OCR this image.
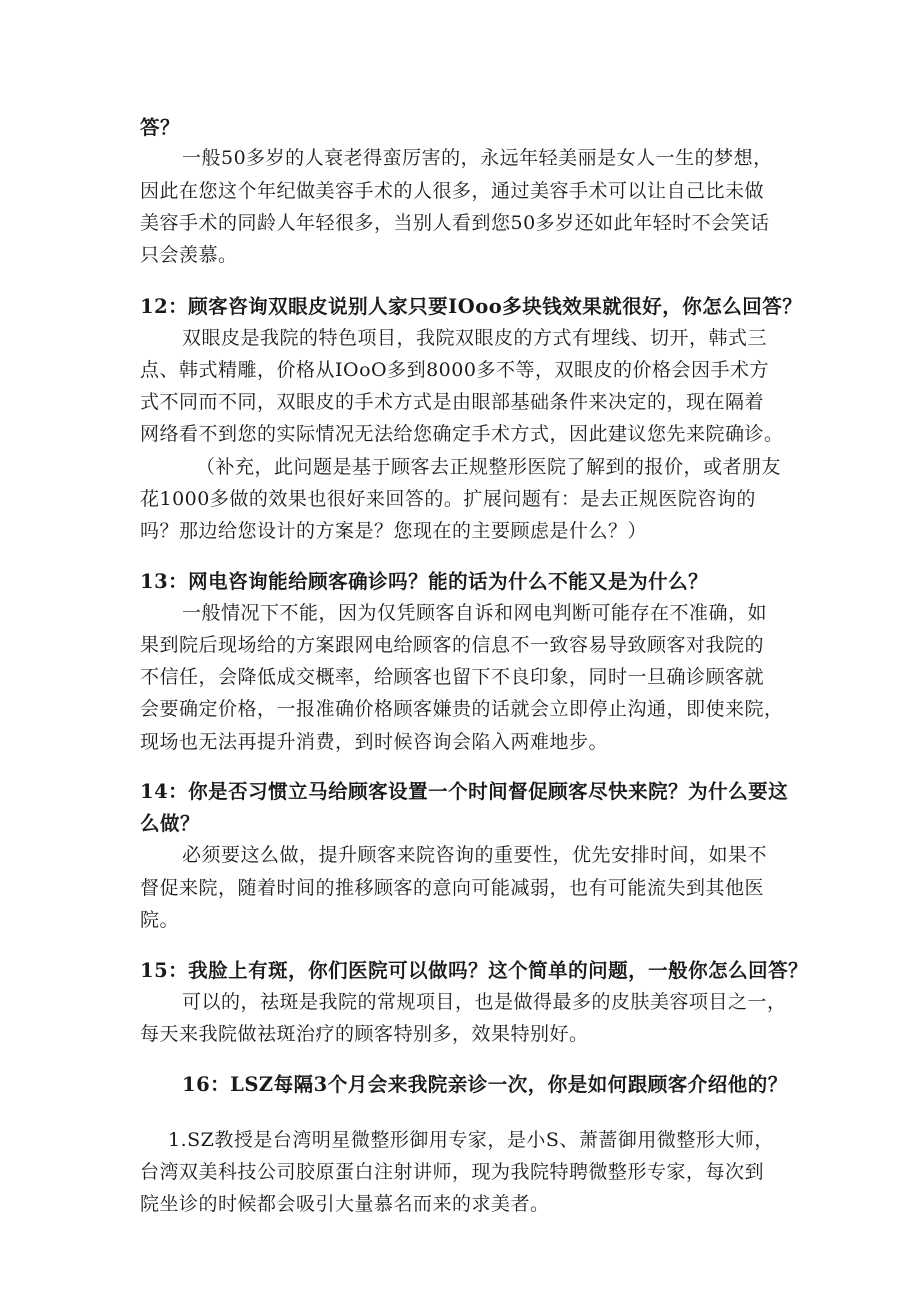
答？
一般50多岁的人衰老得蛮厉害的，永远年轻美丽是女人一生的梦想，
因此在您这个年纪做美容手术的人很多，通过美容手术可以让自己比未做
美容手术的同龄人年轻很多，当别人看到您50多岁还如此年轻时不会笑话
只会羡慕。
12：顾客咨询双眼皮说别人家只要IOoo多块钱效果就很好，你怎么回答？
双眼皮是我院的特色项目，我院双眼皮的方式有埋线、切开，韩式三
点、韩式精雕，价格从IOoO多到8000多不等，双眼皮的价格会因手术方
式不同而不同，双眼皮的手术方式是由眼部基础条件来决定的，现在隔着
网络看不到您的实际情况无法给您确定手术方式，因此建议您先来院确诊。
（补充，此问题是基于顾客去正规整形医院了解到的报价，或者朋友
花1000多做的效果也很好来回答的。扩展问题有：是去正规医院咨询的
吗？那边给您设计的方案是？您现在的主要顾虑是什么？）
13：网电咨询能给顾客确诊吗？能的话为什么不能又是为什么？
一般情况下不能，因为仅凭顾客自诉和网电判断可能存在不准确，如
果到院后现场给的方案跟网电给顾客的信息不一致容易导致顾客对我院的
不信任，会降低成交概率，给顾客也留下不良印象，同时一旦确诊顾客就
会要确定价格，一报准确价格顾客嫌贵的话就会立即停止沟通，即使来院，
现场也无法再提升消费，到时候咨询会陷入两难地步。
14：你是否习惯立马给顾客设置一个时间督促顾客尽快来院？为什么要这
么做？
必须要这么做，提升顾客来院咨询的重要性，优先安排时间，如果不
督促来院，随着时间的推移顾客的意向可能减弱，也有可能流失到其他医
院。
15：我脸上有斑，你们医院可以做吗？这个简单的问题，一般你怎么回答？
可以的，祛斑是我院的常规项目，也是做得最多的皮肤美容项目之一，
每天来我院做祛斑治疗的顾客特别多，效果特别好。
16：LSZ每隔3个月会来我院亲诊一次，你是如何跟顾客介绍他的？
1.SZ教授是台湾明星微整形御用专家，是小S、萧蔷御用微整形大师，
台湾双美科技公司胶原蛋白注射讲师，现为我院特聘微整形专家，每次到
院坐诊的时候都会吸引大量慕名而来的求美者。
